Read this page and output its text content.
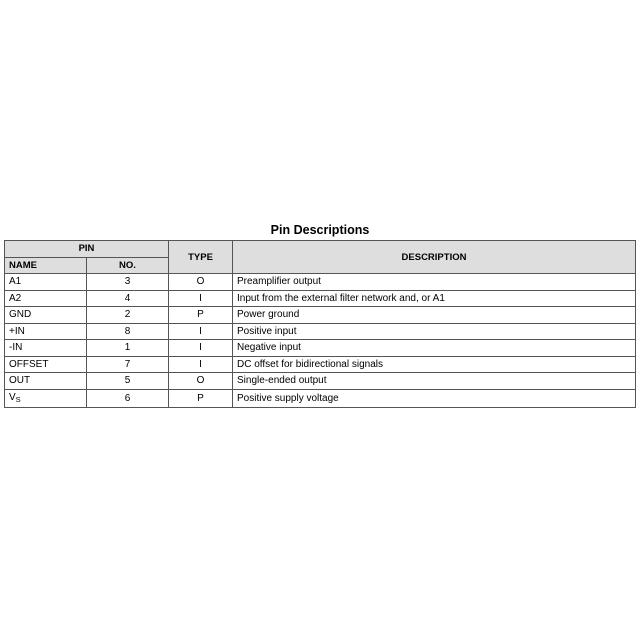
Pin Descriptions
PIN		TYPE	DESCRIPTION
NAME	NO.		
A1	3	O	Preamplifier output
A2	4	I	Input from the external filter network and, or A1
GND	2	P	Power ground
+IN	8	I	Positive input
-IN	1	I	Negative input
OFFSET	7	I	DC offset for bidirectional signals
OUT	5	O	Single-ended output
$V_S$	6	P	Positive supply voltage
